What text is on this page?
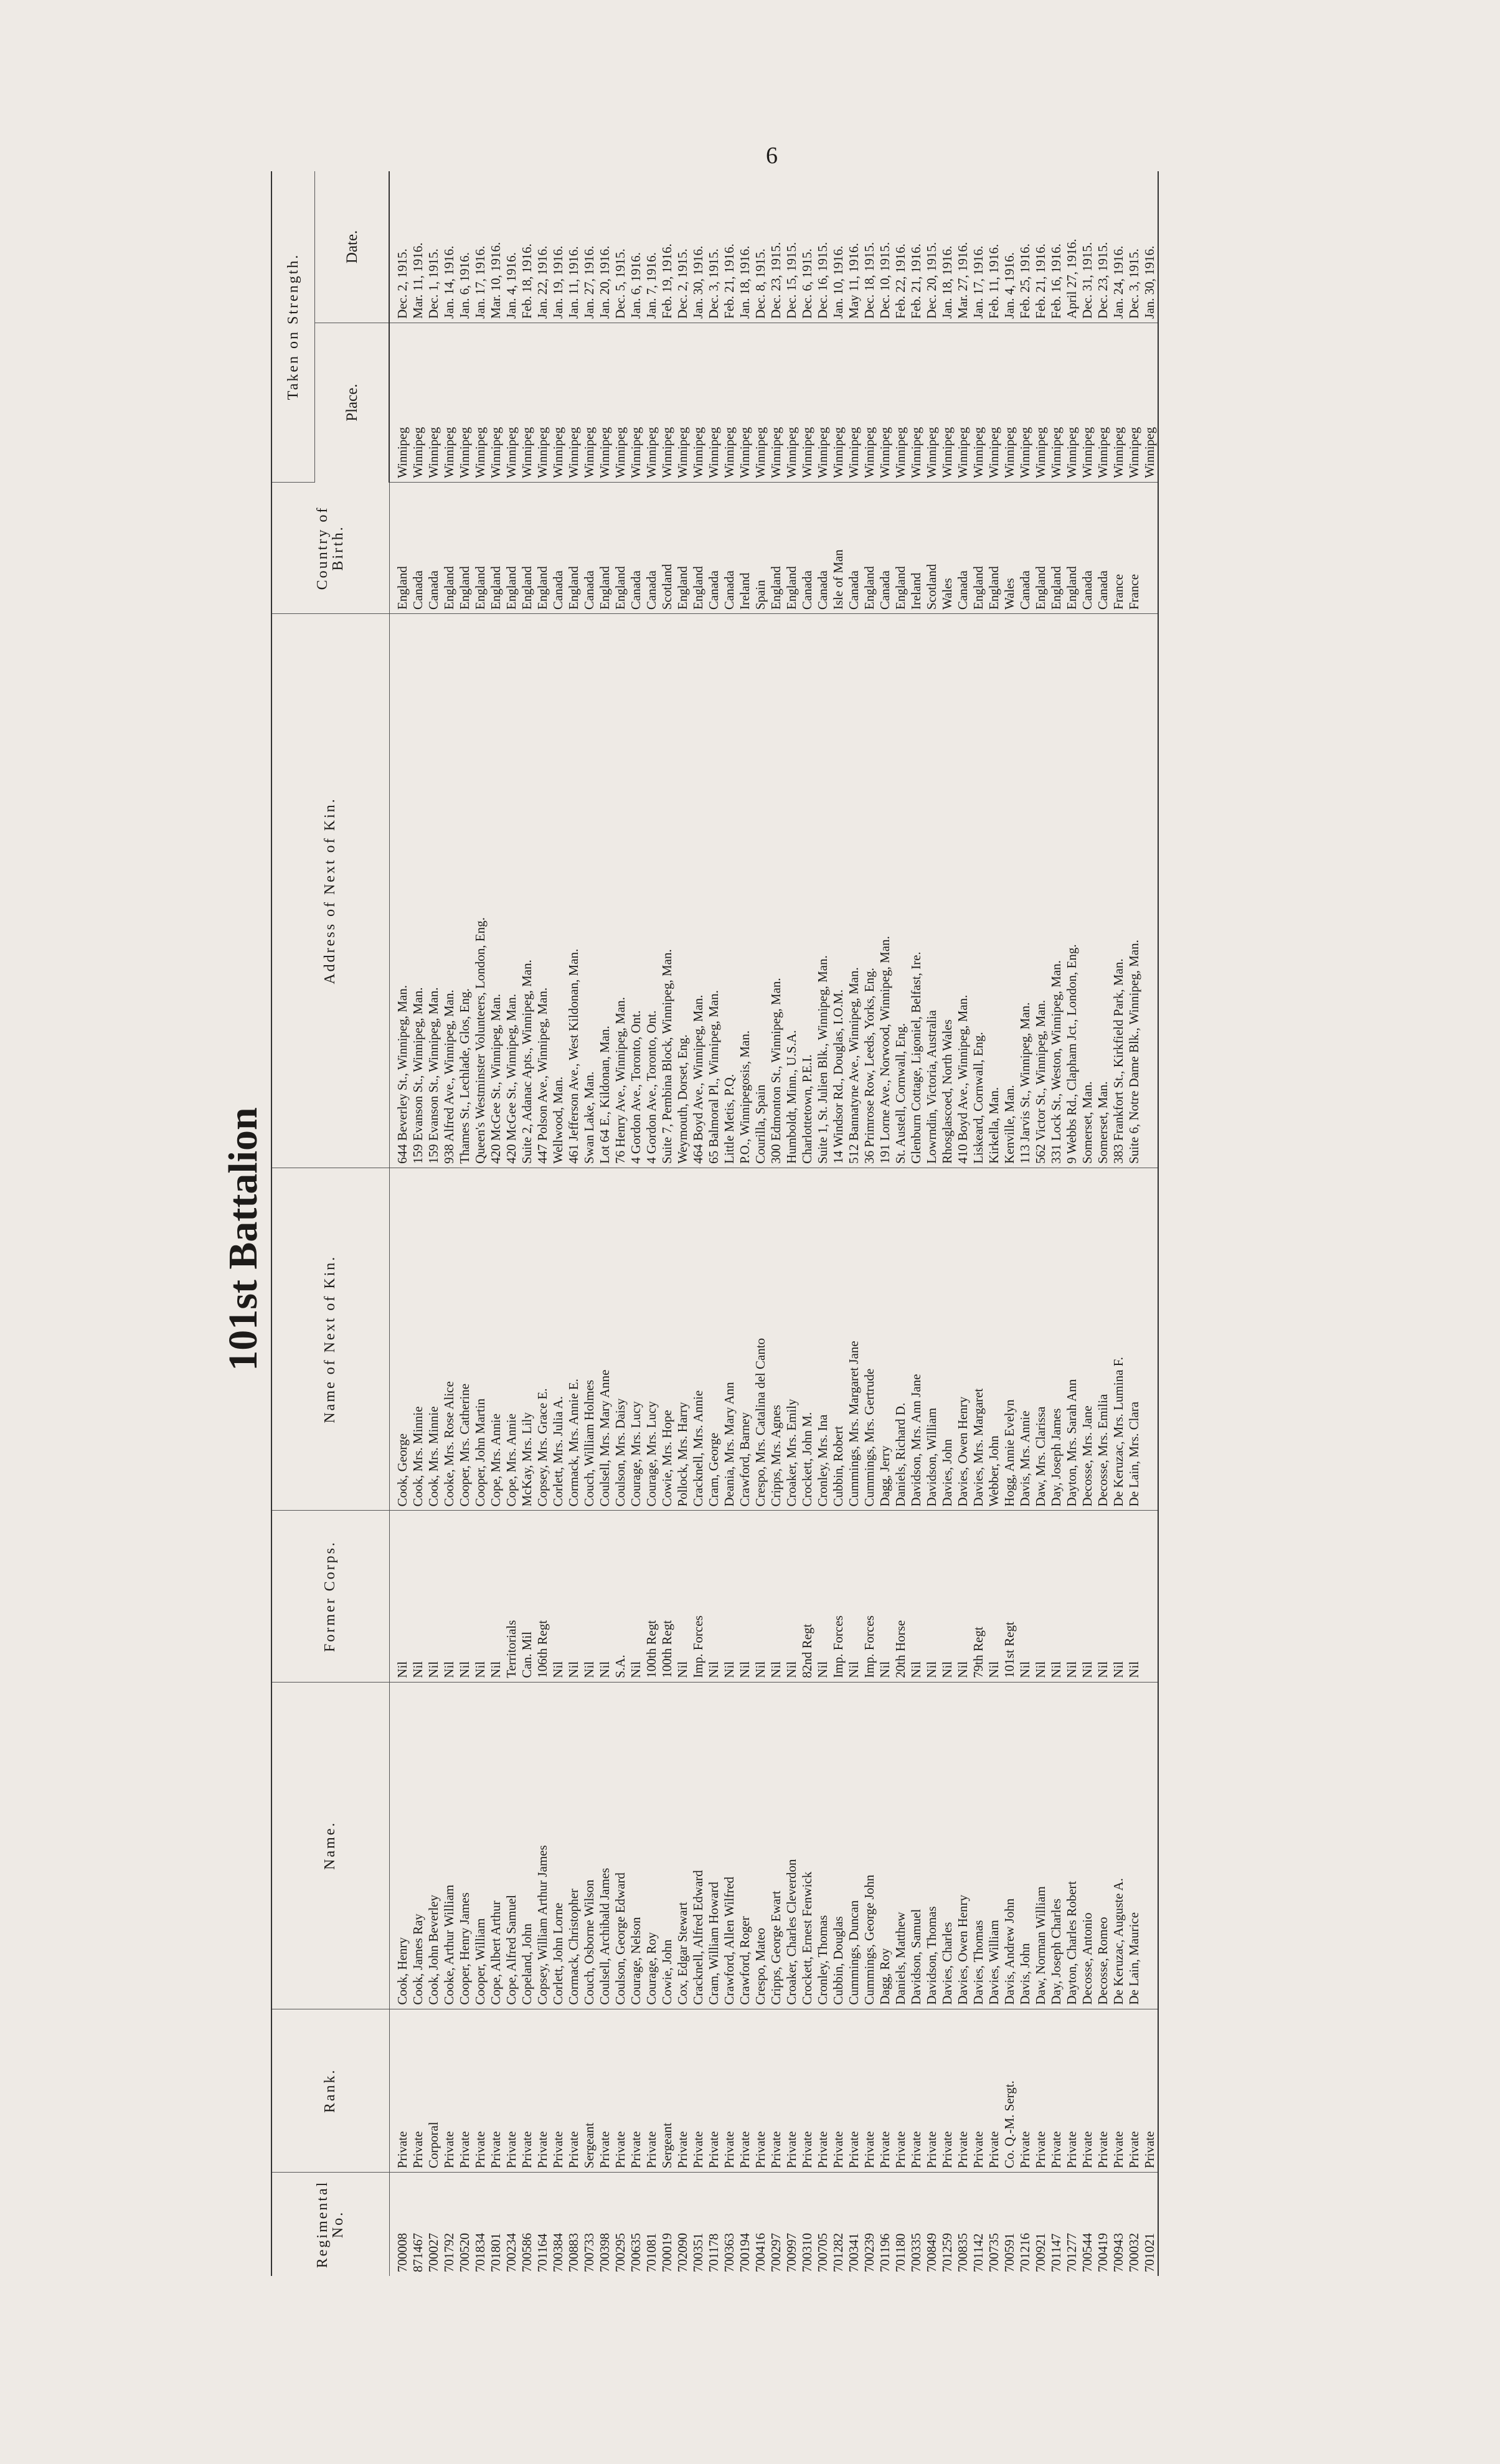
6
101st Battalion
Regimental No.	Rank.	Name.	Former Corps.	Name of Next of Kin.	Address of Next of Kin.	Country of Birth.	Taken on Strength.	
							Place.	Date.
700008	Private	Cook, Henry	Nil	Cook, George	644 Beverley St., Winnipeg, Man.	England	Winnipeg	Dec. 2, 1915.
871467	Private	Cook, James Ray	Nil	Cook, Mrs. Minnie	159 Evanson St., Winnipeg, Man.	Canada	Winnipeg	Mar. 11, 1916.
700027	Corporal	Cook, John Beverley	Nil	Cook, Mrs. Minnie	159 Evanson St., Winnipeg, Man.	Canada	Winnipeg	Dec. 1, 1915.
701792	Private	Cooke, Arthur William	Nil	Cooke, Mrs. Rose Alice	938 Alfred Ave., Winnipeg, Man.	England	Winnipeg	Jan. 14, 1916.
700520	Private	Cooper, Henry James	Nil	Cooper, Mrs. Catherine	Thames St., Lechlade, Glos, Eng.	England	Winnipeg	Jan. 6, 1916.
701834	Private	Cooper, William	Nil	Cooper, John Martin	Queen's Westminster Volunteers, London, Eng.	England	Winnipeg	Jan. 17, 1916.
701801	Private	Cope, Albert Arthur	Nil	Cope, Mrs. Annie	420 McGee St., Winnipeg, Man.	England	Winnipeg	Mar. 10, 1916.
700234	Private	Cope, Alfred Samuel	Territorials	Cope, Mrs. Annie	420 McGee St., Winnipeg, Man.	England	Winnipeg	Jan. 4, 1916.
700586	Private	Copeland, John	Can. Mil	McKay, Mrs. Lily	Suite 2, Adanac Apts., Winnipeg, Man.	England	Winnipeg	Feb. 18, 1916.
701164	Private	Copsey, William Arthur James	106th Regt	Copsey, Mrs. Grace E.	447 Polson Ave., Winnipeg, Man.	England	Winnipeg	Jan. 22, 1916.
700384	Private	Corlett, John Lorne	Nil	Corlett, Mrs. Julia A.	Wellwood, Man.	Canada	Winnipeg	Jan. 19, 1916.
700883	Private	Cormack, Christopher	Nil	Cormack, Mrs. Annie E.	461 Jefferson Ave., West Kildonan, Man.	England	Winnipeg	Jan. 11, 1916.
700733	Sergeant	Couch, Osborne Wilson	Nil	Couch, William Holmes	Swan Lake, Man.	Canada	Winnipeg	Jan. 27, 1916.
700398	Private	Coulsell, Archibald James	Nil	Coulsell, Mrs. Mary Anne	Lot 64 E., Kildonan, Man.	England	Winnipeg	Jan. 20, 1916.
700295	Private	Coulson, George Edward	S.A.	Coulson, Mrs. Daisy	76 Henry Ave., Winnipeg, Man.	England	Winnipeg	Dec. 5, 1915.
700635	Private	Courage, Nelson	Nil	Courage, Mrs. Lucy	4 Gordon Ave., Toronto, Ont.	Canada	Winnipeg	Jan. 6, 1916.
701081	Private	Courage, Roy	100th Regt	Courage, Mrs. Lucy	4 Gordon Ave., Toronto, Ont.	Canada	Winnipeg	Jan. 7, 1916.
700019	Sergeant	Cowie, John	100th Regt	Cowie, Mrs. Hope	Suite 7, Pembina Block, Winnipeg, Man.	Scotland	Winnipeg	Feb. 19, 1916.
702090	Private	Cox, Edgar Stewart	Nil	Pollock, Mrs. Harry	Weymouth, Dorset, Eng.	England	Winnipeg	Dec. 2, 1915.
700351	Private	Cracknell, Alfred Edward	Imp. Forces	Cracknell, Mrs. Annie	464 Boyd Ave., Winnipeg, Man.	England	Winnipeg	Jan. 30, 1916.
701178	Private	Cram, William Howard	Nil	Cram, George	65 Balmoral Pl., Winnipeg, Man.	Canada	Winnipeg	Dec. 3, 1915.
700363	Private	Crawford, Allen Wilfred	Nil	Deania, Mrs. Mary Ann	Little Metis, P.Q.	Canada	Winnipeg	Feb. 21, 1916.
700194	Private	Crawford, Roger	Nil	Crawford, Barney	P.O., Winnipegosis, Man.	Ireland	Winnipeg	Jan. 18, 1916.
700416	Private	Crespo, Mateo	Nil	Crespo, Mrs. Catalina del Canto	Courilla, Spain	Spain	Winnipeg	Dec. 8, 1915.
700297	Private	Cripps, George Ewart	Nil	Cripps, Mrs. Agnes	300 Edmonton St., Winnipeg, Man.	England	Winnipeg	Dec. 23, 1915.
700997	Private	Croaker, Charles Cleverdon	Nil	Croaker, Mrs. Emily	Humboldt, Minn., U.S.A.	England	Winnipeg	Dec. 15, 1915.
700310	Private	Crockett, Ernest Fenwick	82nd Regt	Crockett, John M.	Charlottetown, P.E.I.	Canada	Winnipeg	Dec. 6, 1915.
700705	Private	Cronley, Thomas	Nil	Cronley, Mrs. Ina	Suite 1, St. Julien Blk., Winnipeg, Man.	Canada	Winnipeg	Dec. 16, 1915.
701282	Private	Cubbin, Douglas	Imp. Forces	Cubbin, Robert	14 Windsor Rd., Douglas, I.O.M.	Isle of Man	Winnipeg	Jan. 10, 1916.
700341	Private	Cummings, Duncan	Nil	Cummings, Mrs. Margaret Jane	512 Bannatyne Ave., Winnipeg, Man.	Canada	Winnipeg	May 11, 1916.
700239	Private	Cummings, George John	Imp. Forces	Cummings, Mrs. Gertrude	36 Primrose Row, Leeds, Yorks, Eng.	England	Winnipeg	Dec. 18, 1915.
701196	Private	Dagg, Roy	Nil	Dagg, Jerry	191 Lorne Ave., Norwood, Winnipeg, Man.	Canada	Winnipeg	Dec. 10, 1915.
701180	Private	Daniels, Matthew	20th Horse	Daniels, Richard D.	St. Austell, Cornwall, Eng.	England	Winnipeg	Feb. 22, 1916.
700335	Private	Davidson, Samuel	Nil	Davidson, Mrs. Ann Jane	Glenburn Cottage, Ligoniel, Belfast, Ire.	Ireland	Winnipeg	Feb. 21, 1916.
700849	Private	Davidson, Thomas	Nil	Davidson, William	Lowrndin, Victoria, Australia	Scotland	Winnipeg	Dec. 20, 1915.
701259	Private	Davies, Charles	Nil	Davies, John	Rhosglascoed, North Wales	Wales	Winnipeg	Jan. 18, 1916.
700835	Private	Davies, Owen Henry	Nil	Davies, Owen Henry	410 Boyd Ave., Winnipeg, Man.	Canada	Winnipeg	Mar. 27, 1916.
701142	Private	Davies, Thomas	79th Regt	Davies, Mrs. Margaret	Liskeard, Cornwall, Eng.	England	Winnipeg	Jan. 17, 1916.
700735	Private	Davies, William	Nil	Webber, John	Kirkella, Man.	England	Winnipeg	Feb. 11, 1916.
700591	Co. Q.-M. Sergt.	Davis, Andrew John	101st Regt	Hogg, Annie Evelyn	Kenville, Man.	Wales	Winnipeg	Jan. 4, 1916.
701216	Private	Davis, John	Nil	Davis, Mrs. Annie	113 Jarvis St., Winnipeg, Man.	Canada	Winnipeg	Feb. 25, 1916.
700921	Private	Daw, Norman William	Nil	Daw, Mrs. Clarissa	562 Victor St., Winnipeg, Man.	England	Winnipeg	Feb. 21, 1916.
701147	Private	Day, Joseph Charles	Nil	Day, Joseph James	331 Lock St., Weston, Winnipeg, Man.	England	Winnipeg	Feb. 16, 1916.
701277	Private	Dayton, Charles Robert	Nil	Dayton, Mrs. Sarah Ann	9 Webbs Rd., Clapham Jct., London, Eng.	England	Winnipeg	April 27, 1916.
700544	Private	Decosse, Antonio	Nil	Decosse, Mrs. Jane	Somerset, Man.	Canada	Winnipeg	Dec. 31, 1915.
700419	Private	Decosse, Romeo	Nil	Decosse, Mrs. Emilia	Somerset, Man.	Canada	Winnipeg	Dec. 23, 1915.
700943	Private	De Keruzac, Auguste A.	Nil	De Keruzac, Mrs. Lumina F.	383 Frankfort St., Kirkfield Park, Man.	France	Winnipeg	Jan. 24, 1916.
700032	Private	De Lain, Maurice	Nil	De Lain, Mrs. Clara	Suite 6, Notre Dame Blk., Winnipeg, Man.	France	Winnipeg	Dec. 3, 1915.
701021	Private						Winnipeg	Jan. 30, 1916.
